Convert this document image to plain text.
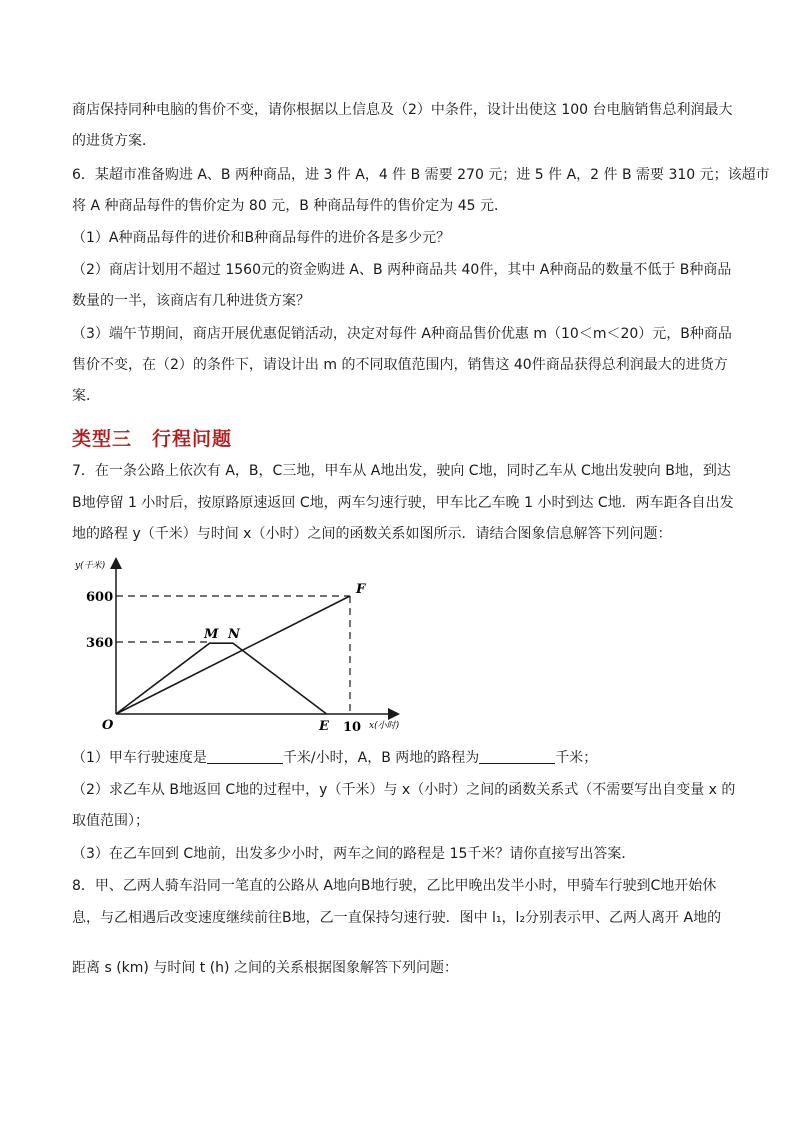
商店保持同种电脑的售价不变，请你根据以上信息及（2）中条件，设计出使这 100 台电脑销售总利润最大
的进货方案．
6．某超市准备购进 A、B 两种商品，进 3 件 A，4 件 B 需要 270 元；进 5 件 A，2 件 B 需要 310 元；该超市
将 A 种商品每件的售价定为 80 元，B 种商品每件的售价定为 45 元．
（1）A种商品每件的进价和B种商品每件的进价各是多少元？
（2）商店计划用不超过 1560元的资金购进 A、B 两种商品共 40件，其中 A种商品的数量不低于 B种商品
数量的一半，该商店有几种进货方案？
（3）端午节期间，商店开展优惠促销活动，决定对每件 A种商品售价优惠 m（10＜m＜20）元，B种商品
售价不变，在（2）的条件下，请设计出 m 的不同取值范围内，销售这 40件商品获得总利润最大的进货方
案．
类型三　行程问题
7．在一条公路上依次有 A，B，C三地，甲车从 A地出发，驶向 C地，同时乙车从 C地出发驶向 B地，到达
B地停留 1 小时后，按原路原速返回 C地，两车匀速行驶，甲车比乙车晚 1 小时到达 C地．两车距各自出发
地的路程 y（千米）与时间 x（小时）之间的函数关系如图所示．请结合图象信息解答下列问题：
y(千米)
x(小时)
600
360
10
O
M N
E
F
（1）甲车行驶速度是	千米/小时，A，B 两地的路程为	千米；
（2）求乙车从 B地返回 C地的过程中，y（千米）与 x（小时）之间的函数关系式（不需要写出自变量 x 的
取值范围）；
（3）在乙车回到 C地前，出发多少小时，两车之间的路程是 15千米？请你直接写出答案．
8．甲、乙两人骑车沿同一笔直的公路从 A地向B地行驶，乙比甲晚出发半小时，甲骑车行驶到C地开始休
息，与乙相遇后改变速度继续前往B地，乙一直保持匀速行驶．图中 l₁，l₂分别表示甲、乙两人离开 A地的
距离 s (km) 与时间 t (h) 之间的关系根据图象解答下列问题：
